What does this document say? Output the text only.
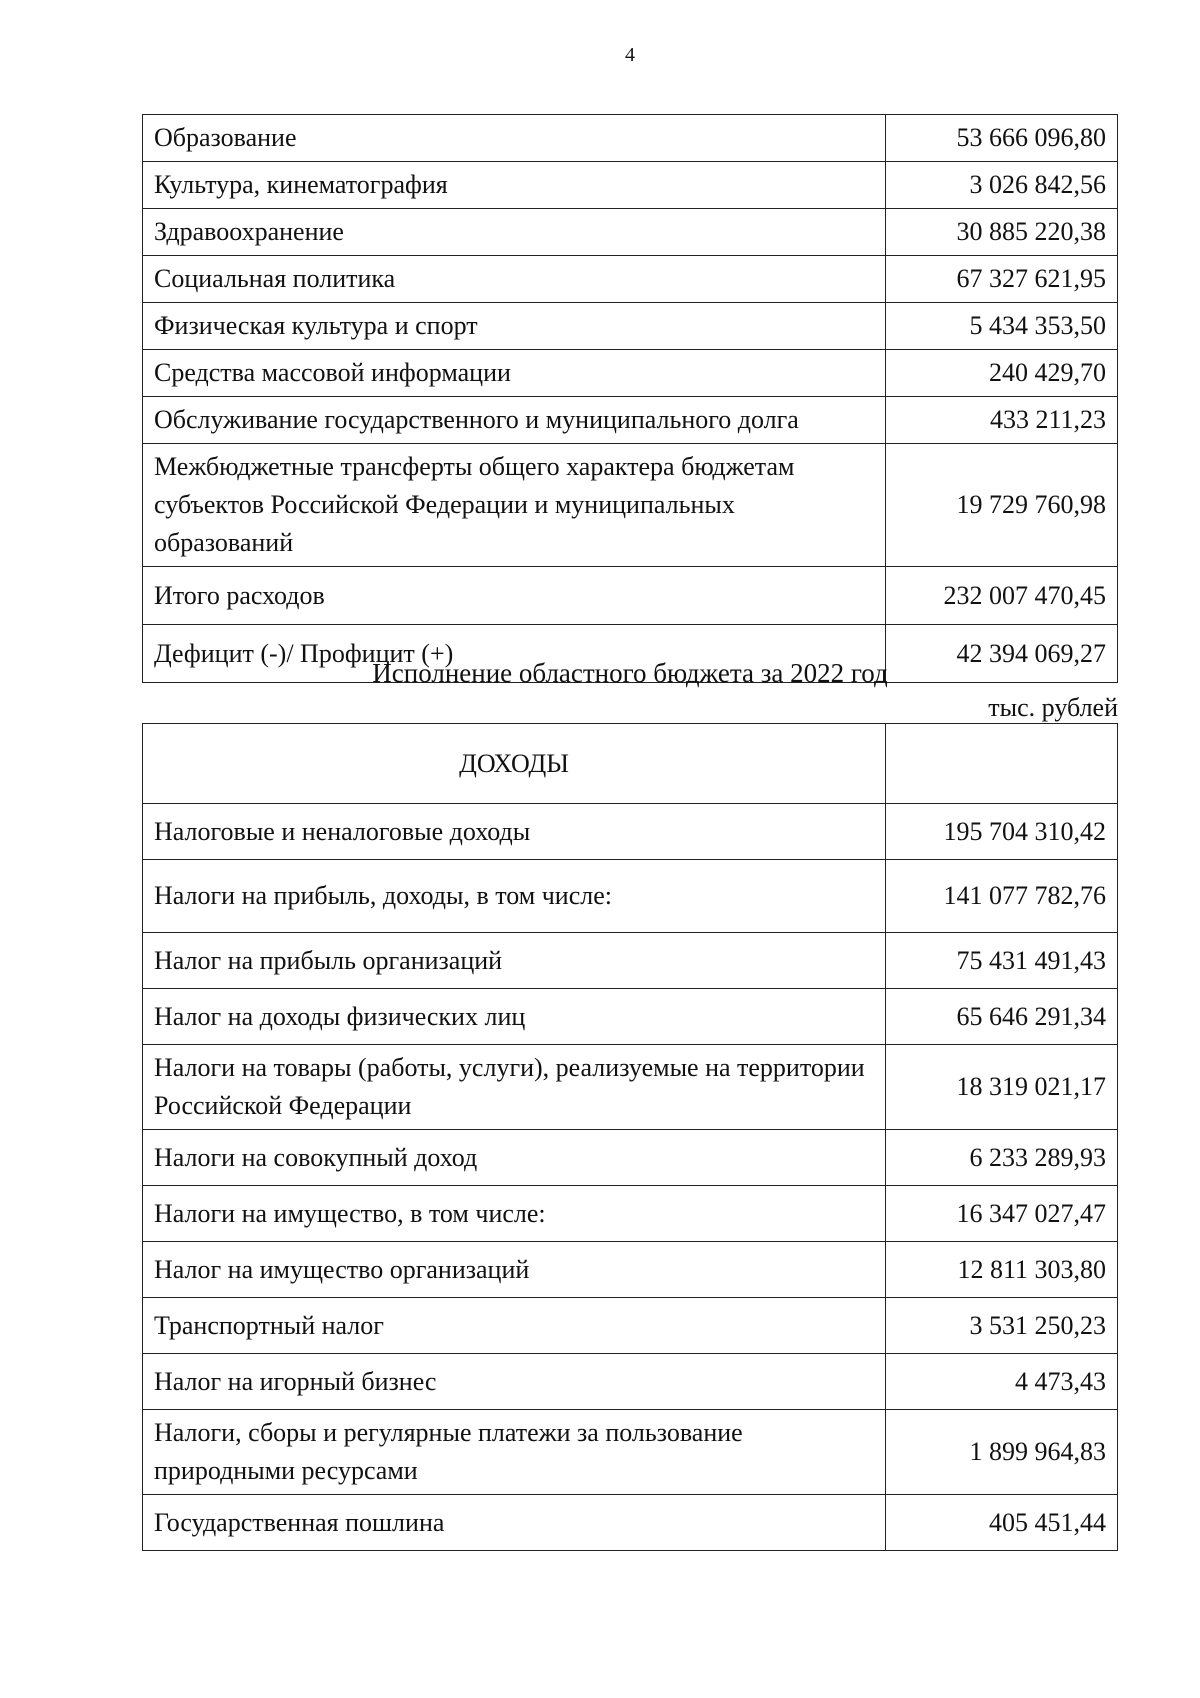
4
Образование	53 666 096,80
Культура, кинематография	3 026 842,56
Здравоохранение	30 885 220,38
Социальная политика	67 327 621,95
Физическая культура и спорт	5 434 353,50
Средства массовой информации	240 429,70
Обслуживание государственного и муниципального долга	433 211,23
Межбюджетные трансферты общего характера бюджетам субъектов Российской Федерации и муниципальных образований	19 729 760,98
Итого расходов	232 007 470,45
Дефицит (-)/ Профицит (+)	42 394 069,27
Исполнение областного бюджета за 2022 год
тыс. рублей
ДОХОДЫ	
Налоговые и неналоговые доходы	195 704 310,42
Налоги на прибыль, доходы, в том числе:	141 077 782,76
Налог на прибыль организаций	75 431 491,43
Налог на доходы физических лиц	65 646 291,34
Налоги на товары (работы, услуги), реализуемые на территории Российской Федерации	18 319 021,17
Налоги на совокупный доход	6 233 289,93
Налоги на имущество, в том числе:	16 347 027,47
Налог на имущество организаций	12 811 303,80
Транспортный налог	3 531 250,23
Налог на игорный бизнес	4 473,43
Налоги, сборы и регулярные платежи за пользование природными ресурсами	1 899 964,83
Государственная пошлина	405 451,44
